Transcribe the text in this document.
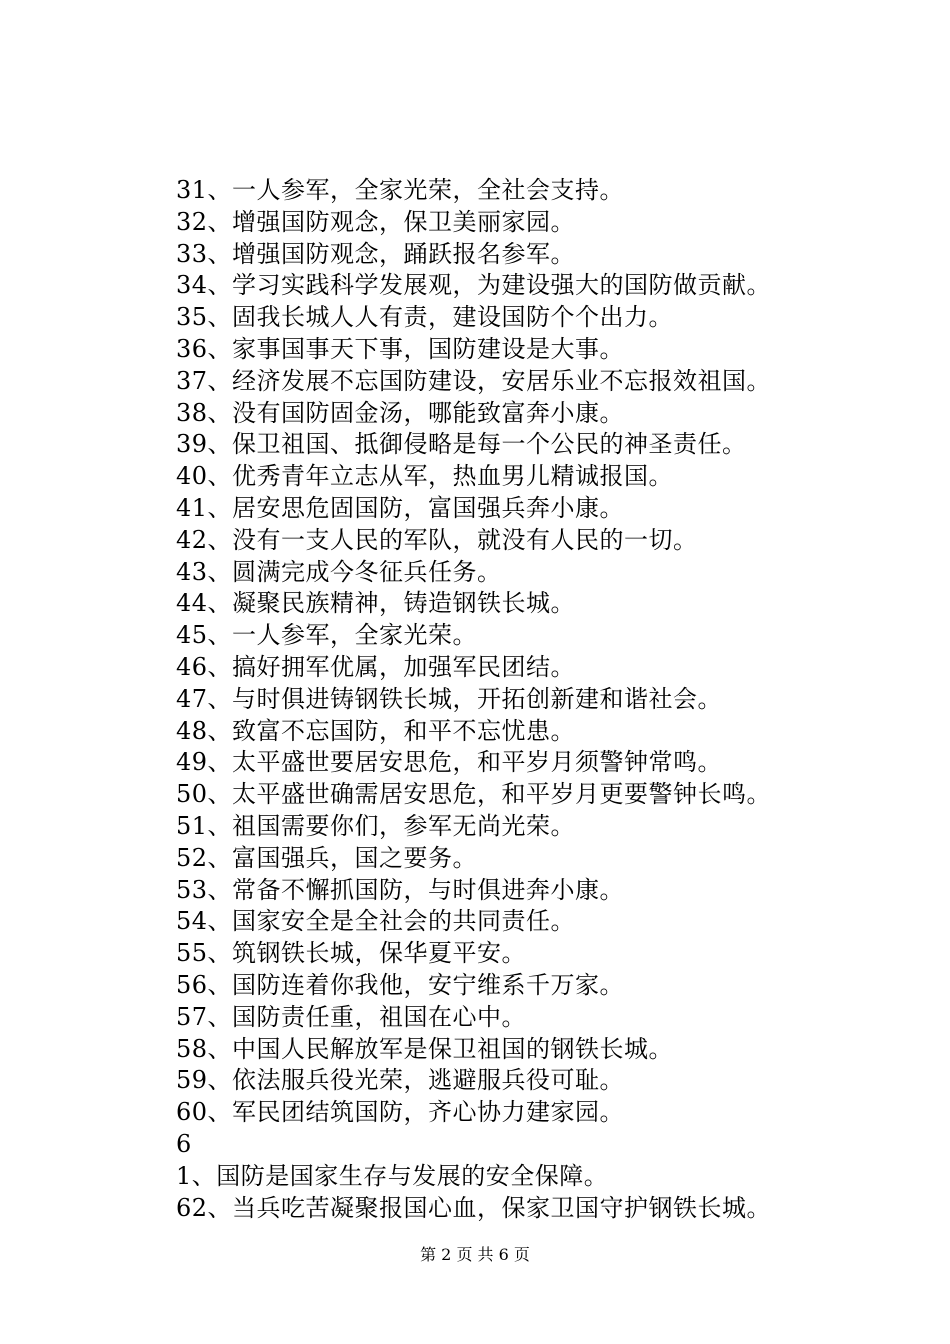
31、一人参军，全家光荣，全社会支持。
32、增强国防观念，保卫美丽家园。
33、增强国防观念，踊跃报名参军。
34、学习实践科学发展观，为建设强大的国防做贡献。
35、固我长城人人有责，建设国防个个出力。
36、家事国事天下事，国防建设是大事。
37、经济发展不忘国防建设，安居乐业不忘报效祖国。
38、没有国防固金汤，哪能致富奔小康。
39、保卫祖国、抵御侵略是每一个公民的神圣责任。
40、优秀青年立志从军，热血男儿精诚报国。
41、居安思危固国防，富国强兵奔小康。
42、没有一支人民的军队，就没有人民的一切。
43、圆满完成今冬征兵任务。
44、凝聚民族精神，铸造钢铁长城。
45、一人参军，全家光荣。
46、搞好拥军优属，加强军民团结。
47、与时俱进铸钢铁长城，开拓创新建和谐社会。
48、致富不忘国防，和平不忘忧患。
49、太平盛世要居安思危，和平岁月须警钟常鸣。
50、太平盛世确需居安思危，和平岁月更要警钟长鸣。
51、祖国需要你们，参军无尚光荣。
52、富国强兵，国之要务。
53、常备不懈抓国防，与时俱进奔小康。
54、国家安全是全社会的共同责任。
55、筑钢铁长城，保华夏平安。
56、国防连着你我他，安宁维系千万家。
57、国防责任重，祖国在心中。
58、中国人民解放军是保卫祖国的钢铁长城。
59、依法服兵役光荣，逃避服兵役可耻。
60、军民团结筑国防，齐心协力建家园。
6
1、国防是国家生存与发展的安全保障。
62、当兵吃苦凝聚报国心血，保家卫国守护钢铁长城。
第 2 页 共 6 页
